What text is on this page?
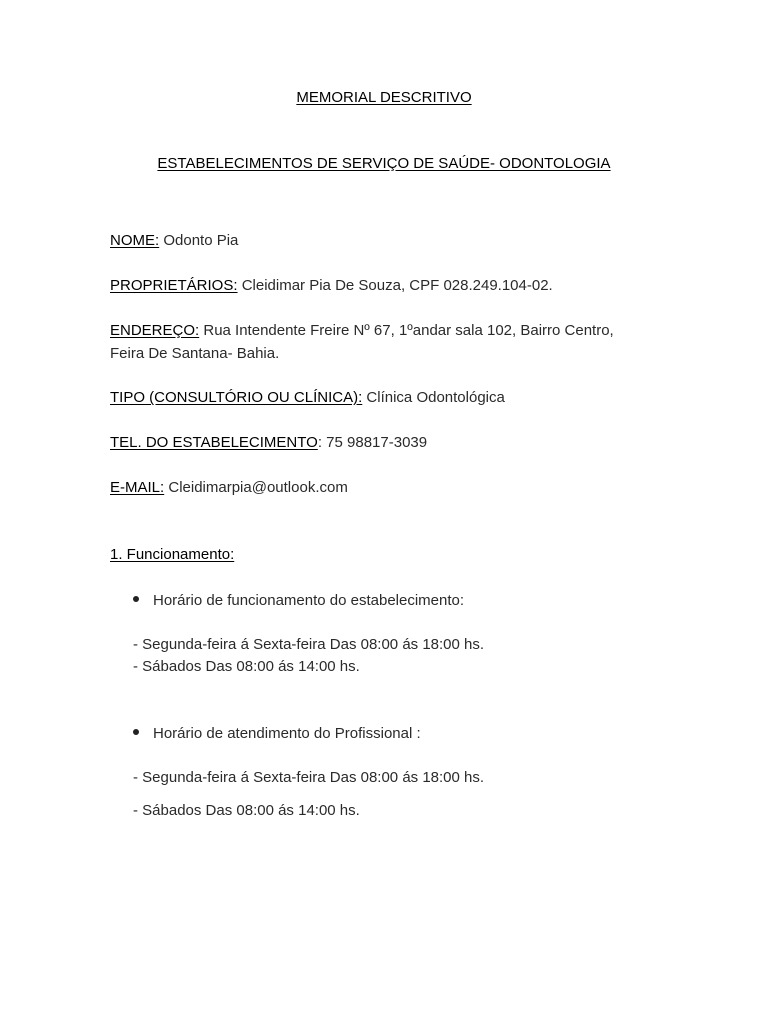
MEMORIAL DESCRITIVO
ESTABELECIMENTOS DE SERVIÇO DE SAÚDE- ODONTOLOGIA
NOME: Odonto Pia
PROPRIETÁRIOS: Cleidimar Pia De Souza, CPF 028.249.104-02.
ENDEREÇO: Rua Intendente Freire Nº 67, 1ºandar sala 102, Bairro Centro,
Feira De Santana- Bahia.
TIPO (CONSULTÓRIO OU CLÍNICA): Clínica Odontológica
TEL. DO ESTABELECIMENTO: 75 98817-3039
E-MAIL: Cleidimarpia@outlook.com
1. Funcionamento:
Horário de funcionamento do estabelecimento:
- Segunda-feira á Sexta-feira Das 08:00 ás 18:00 hs.
- Sábados Das 08:00 ás 14:00 hs.
Horário de atendimento do Profissional :
- Segunda-feira á Sexta-feira Das 08:00 ás 18:00 hs.
- Sábados Das 08:00 ás 14:00 hs.
